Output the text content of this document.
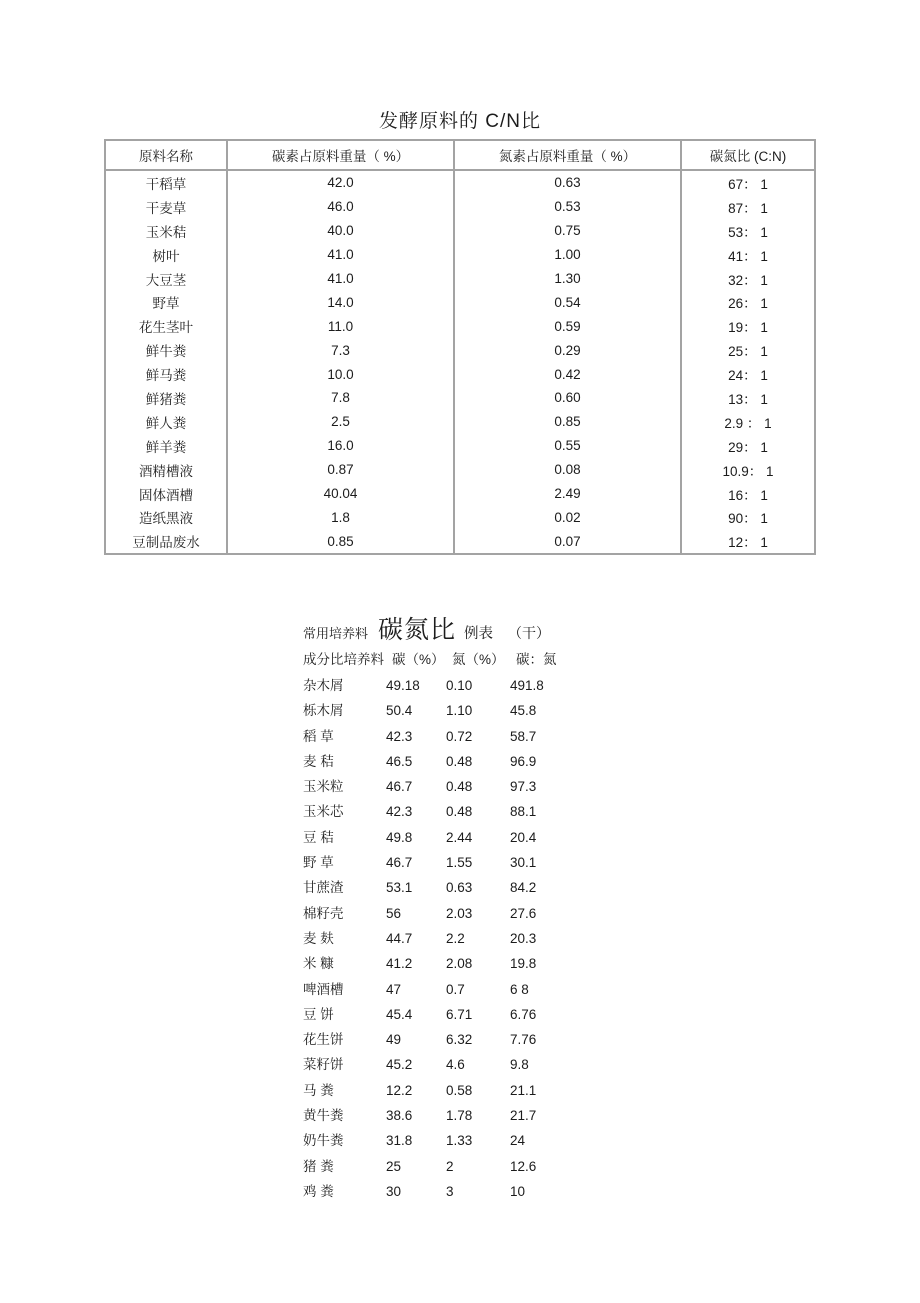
发酵原料的 C/N比
原料名称	碳素占原料重量（ %）	氮素占原料重量（ %）	碳氮比 (C:N)
干稻草	42.0	0.63	67： 1
干麦草	46.0	0.53	87： 1
玉米秸	40.0	0.75	53： 1
树叶	41.0	1.00	41： 1
大豆茎	41.0	1.30	32： 1
野草	14.0	0.54	26： 1
花生茎叶	11.0	0.59	19： 1
鲜牛粪	7.3	0.29	25： 1
鲜马粪	10.0	0.42	24： 1
鲜猪粪	7.8	0.60	13： 1
鲜人粪	2.5	0.85	2.9 ： 1
鲜羊粪	16.0	0.55	29： 1
酒精槽液	0.87	0.08	10.9： 1
固体酒槽	40.04	2.49	16： 1
造纸黑液	1.8	0.02	90： 1
豆制品废水	0.85	0.07	12： 1
常用培养料 碳氮比 例表 （干）
成分比培养料	碳（%）	氮（%）	碳：氮
杂木屑	49.18	0.10	491.8
栎木屑	50.4	1.10	45.8
稻 草	42.3	0.72	58.7
麦 秸	46.5	0.48	96.9
玉米粒	46.7	0.48	97.3
玉米芯	42.3	0.48	88.1
豆 秸	49.8	2.44	20.4
野 草	46.7	1.55	30.1
甘蔗渣	53.1	0.63	84.2
棉籽壳	56	2.03	27.6
麦 麸	44.7	2.2	20.3
米 糠	41.2	2.08	19.8
啤酒槽	47	0.7	6 8
豆 饼	45.4	6.71	6.76
花生饼	49	6.32	7.76
菜籽饼	45.2	4.6	9.8
马 粪	12.2	0.58	21.1
黄牛粪	38.6	1.78	21.7
奶牛粪	31.8	1.33	24
猪 粪	25	2	12.6
鸡 粪	30	3	10
